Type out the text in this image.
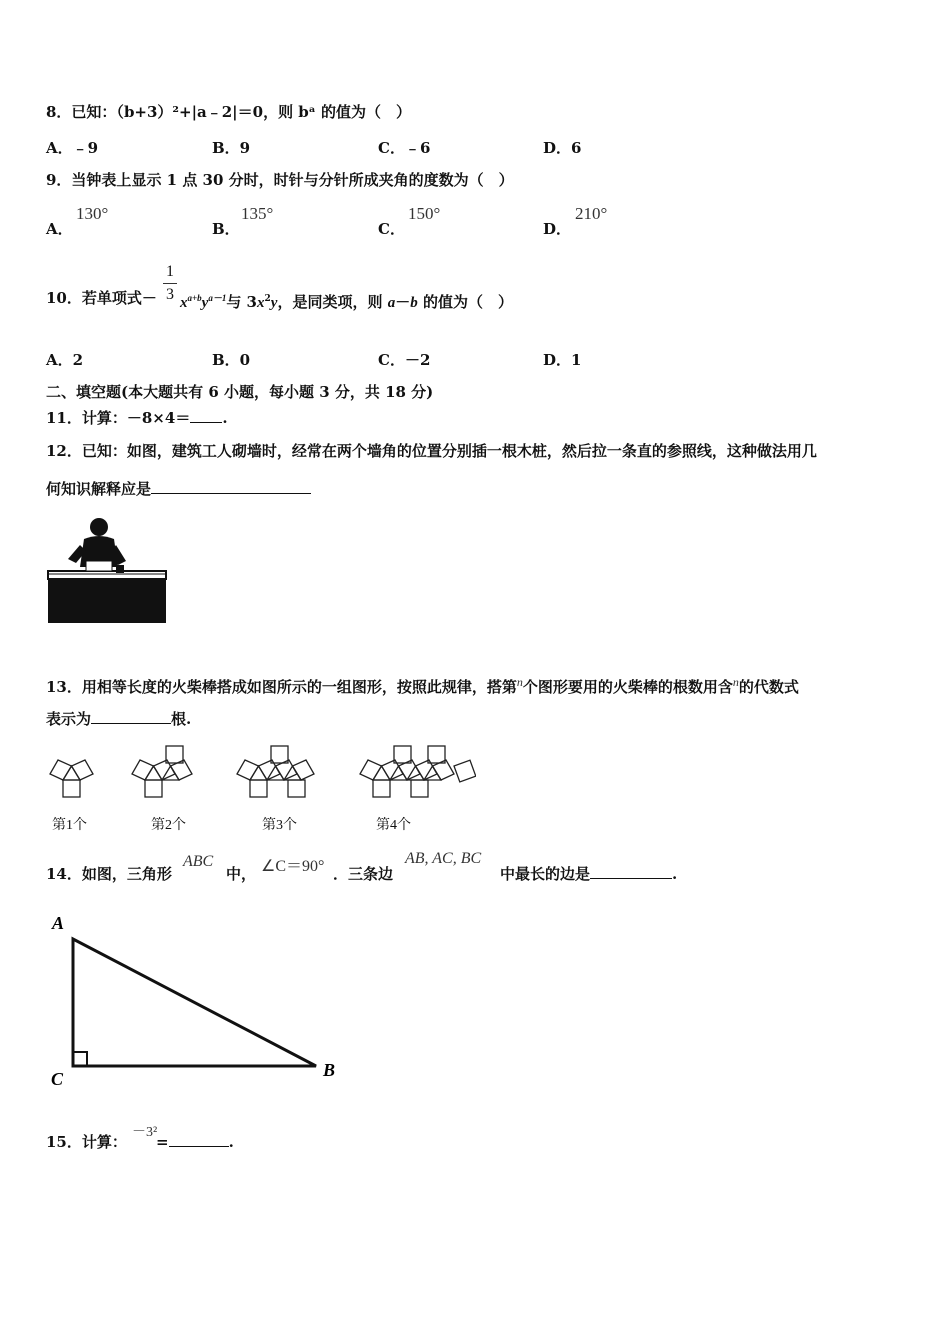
8．已知：（b+3）²+|a﹣2|＝0，则 bᵃ 的值为（　）
A．﹣9	B．9	C．﹣6	D．6
9．当钟表上显示 1 点 30 分时，时针与分针所成夹角的度数为（　）
A．
130°
B．
135°
C．
150°
D．
210°
10．若单项式－
1
3 $x^{a+b}y^{a-1}$与 $3x^2y$，是同类项，则 a－b 的值为（　）
A．2	B．0	C．－2	D．1
二、填空题(本大题共有 6 小题，每小题 3 分，共 18 分)
11．计算：－8×4＝ .
12．已知：如图，建筑工人砌墙时，经常在两个墙角的位置分别插一根木桩，然后拉一条直的参照线，这种做法用几
何知识解释应是
13．用相等长度的火柴棒搭成如图所示的一组图形，按照此规律，搭第$^n$个图形要用的火柴棒的根数用含$^n$的代数式
表示为	根.
第1个	第2个	第3个	第4个
14．如图，三角形
ABC
中， ∠C＝90° ．三条边
AB, AC, BC
中最长的边是	.
A
B
C
15．计算：
－3²
=	.
